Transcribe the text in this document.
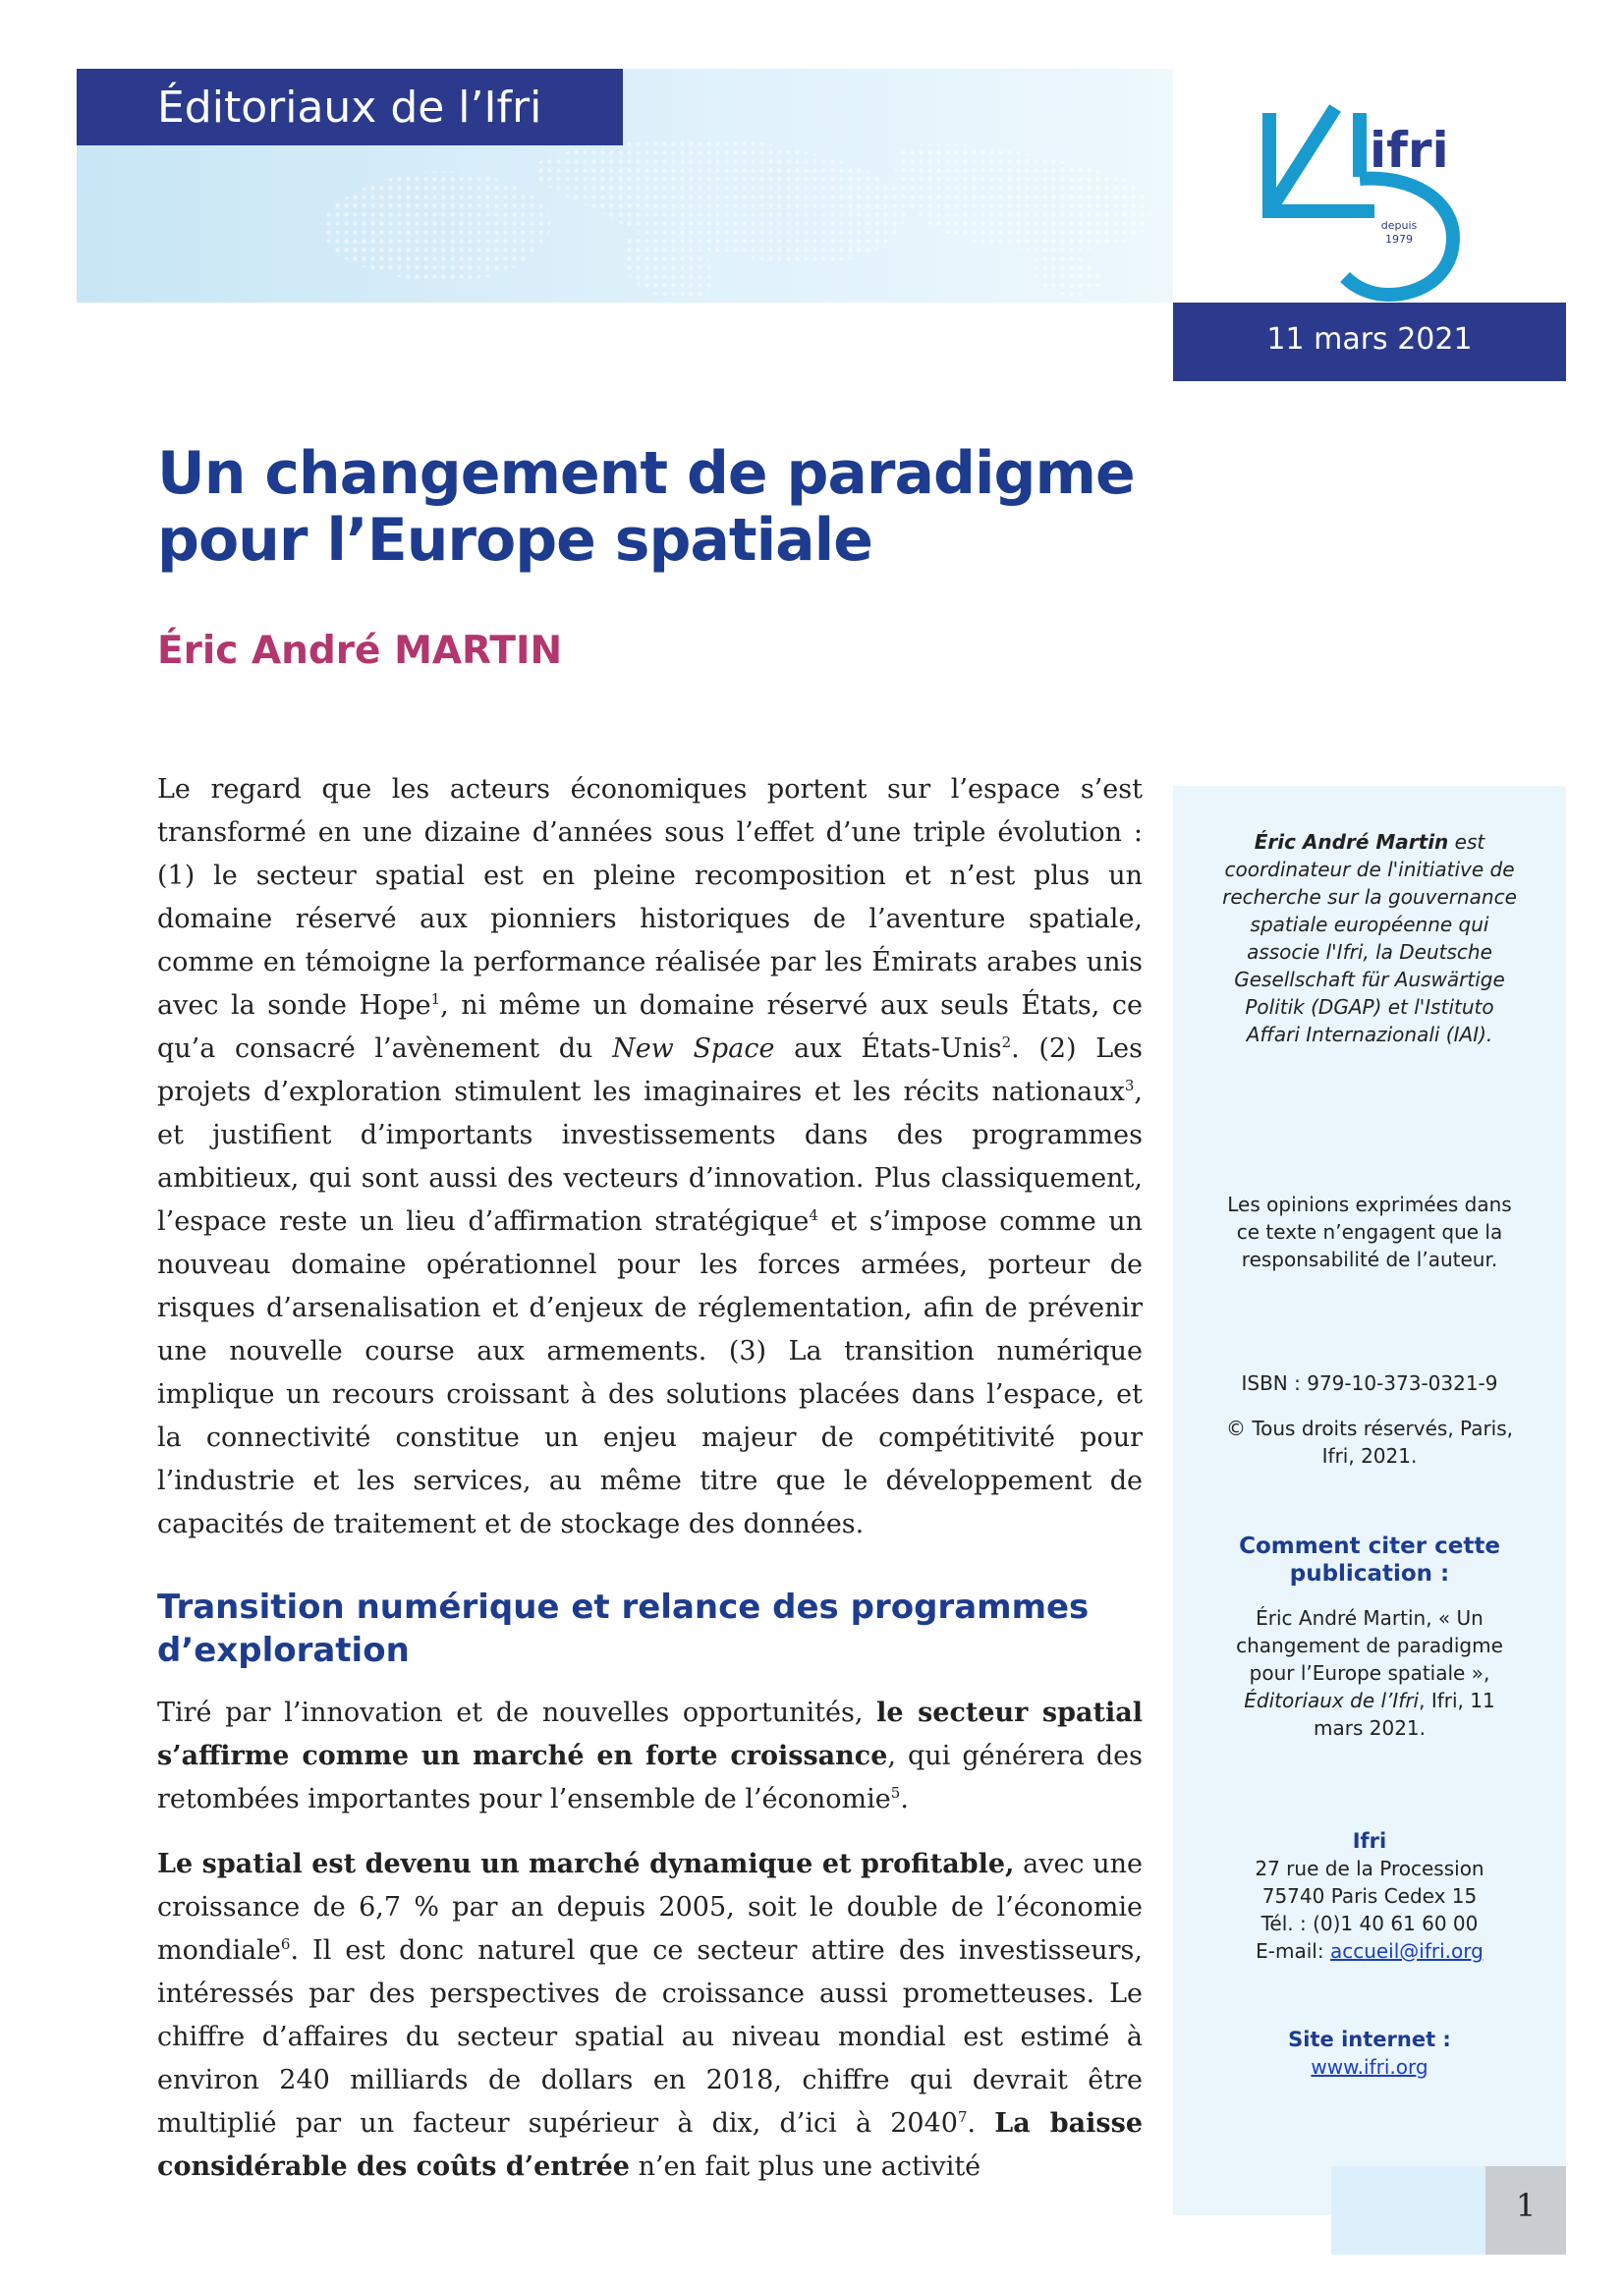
Éditoriaux de l’Ifri
ifri
depuis
1979
11 mars 2021
Un changement de paradigme
pour l’Europe spatiale
Éric André MARTIN

Le regard que les acteurs économiques portent sur l’espace s’est transformé en une dizaine d’années sous l’effet d’une triple évolution : (1) le secteur spatial est en pleine recomposition et n’est plus un domaine réservé aux pionniers historiques de l’aventure spatiale, comme en témoigne la performance réalisée par les Émirats arabes unis avec la sonde Hope$^1$, ni même un domaine réservé aux seuls États, ce qu’a consacré l’avènement du New Space aux États-Unis$^2$. (2) Les projets d’exploration stimulent les imaginaires et les récits nationaux$^3$, et justifient d’importants investissements dans des programmes ambitieux, qui sont aussi des vecteurs d’innovation. Plus classiquement, l’espace reste un lieu d’affirmation stratégique$^4$ et s’impose comme un nouveau domaine opérationnel pour les forces armées, porteur de risques d’arsenalisation et d’enjeux de réglementation, afin de prévenir une nouvelle course aux armements. (3) La transition numérique implique un recours croissant à des solutions placées dans l’espace, et la connectivité constitue un enjeu majeur de compétitivité pour l’industrie et les services, au même titre que le développement de capacités de traitement et de stockage des données.

Transition numérique et relance des programmes d’exploration

Tiré par l’innovation et de nouvelles opportunités, le secteur spatial s’affirme comme un marché en forte croissance, qui générera des retombées importantes pour l’ensemble de l’économie$^5$.

Le spatial est devenu un marché dynamique et profitable, avec une croissance de 6,7 % par an depuis 2005, soit le double de l’économie mondiale$^6$. Il est donc naturel que ce secteur attire des investisseurs, intéressés par des perspectives de croissance aussi prometteuses. Le chiffre d’affaires du secteur spatial au niveau mondial est estimé à environ 240 milliards de dollars en 2018, chiffre qui devrait être multiplié par un facteur supérieur à dix, d’ici à 2040$^7$. La baisse considérable des coûts d’entrée n’en fait plus une activité

Éric André Martin est coordinateur de l'initiative de recherche sur la gouvernance spatiale européenne qui associe l'Ifri, la Deutsche Gesellschaft für Auswärtige Politik (DGAP) et l'Istituto Affari Internazionali (IAI).

Les opinions exprimées dans ce texte n’engagent que la responsabilité de l’auteur.

ISBN : 979-10-373-0321-9

© Tous droits réservés, Paris, Ifri, 2021.

Comment citer cette publication :

Éric André Martin, « Un changement de paradigme pour l’Europe spatiale », Éditoriaux de l’Ifri, Ifri, 11 mars 2021.

Ifri
27 rue de la Procession
75740 Paris Cedex 15
Tél. : (0)1 40 61 60 00
E-mail: accueil@ifri.org
Site internet :
www.ifri.org
1
